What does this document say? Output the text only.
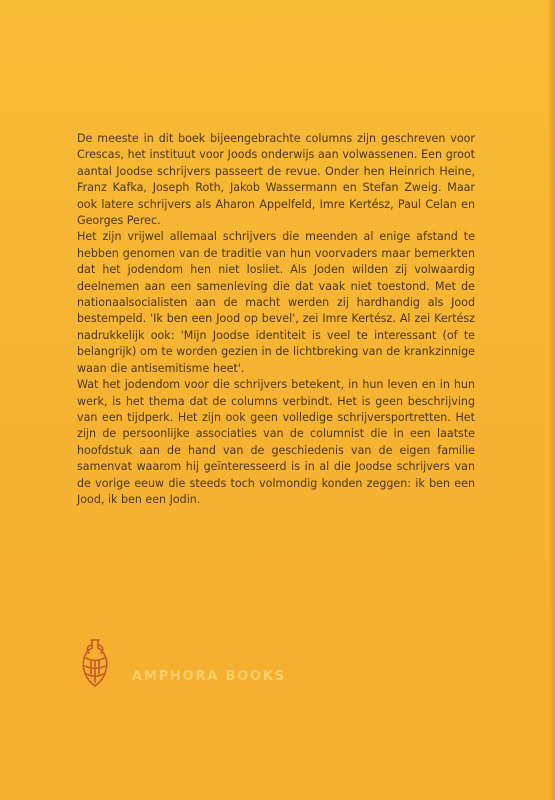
De meeste in dit boek bijeengebrachte columns zijn geschreven voor Crescas, het instituut voor Joods onderwijs aan volwassenen. Een groot aantal Joodse schrijvers passeert de revue. Onder hen Heinrich Heine, Franz Kafka, Joseph Roth, Jakob Wassermann en Stefan Zweig. Maar ook latere schrijvers als Aharon Appelfeld, Imre Kertész, Paul Celan en Georges Perec.

Het zijn vrijwel allemaal schrijvers die meenden al enige afstand te hebben genomen van de traditie van hun voorvaders maar bemerkten dat het jodendom hen niet losliet. Als Joden wilden zij volwaardig deelnemen aan een samenleving die dat vaak niet toestond. Met de nationaalsocialisten aan de macht werden zij hardhandig als Jood bestempeld. 'Ik ben een Jood op bevel', zei Imre Kertész. Al zei Kertész nadrukkelijk ook: 'Mijn Joodse identiteit is veel te interessant (of te belangrijk) om te worden gezien in de lichtbreking van de krankzinnige waan die antisemitisme heet'.

Wat het jodendom voor die schrijvers betekent, in hun leven en in hun werk, is het thema dat de columns verbindt. Het is geen beschrijving van een tijdperk. Het zijn ook geen volledige schrijversportretten. Het zijn de persoonlijke associaties van de columnist die in een laatste hoofdstuk aan de hand van de geschiedenis van de eigen familie samenvat waarom hij geïnteresseerd is in al die Joodse schrijvers van de vorige eeuw die steeds toch volmondig konden zeggen: ik ben een Jood, ik ben een Jodin.

AMPHORA BOOKS
